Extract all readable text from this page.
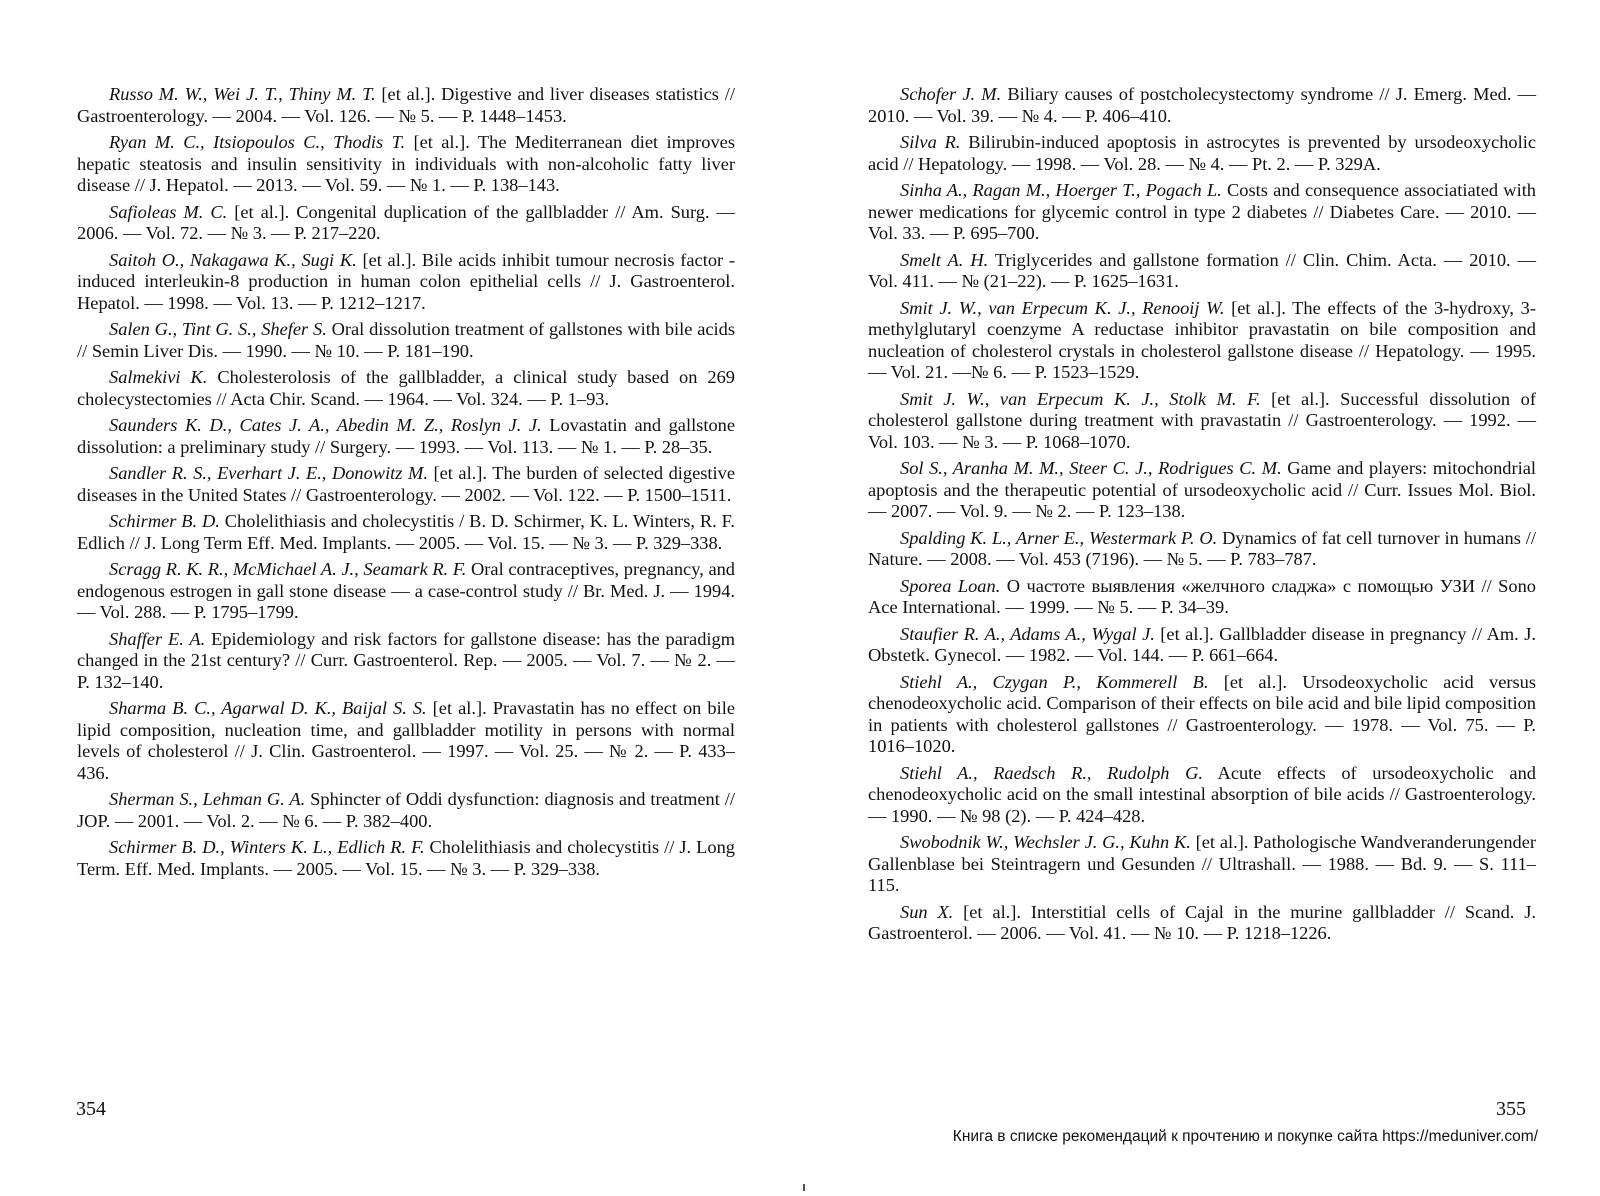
Russo M. W., Wei J. T., Thiny M. T. [et al.]. Digestive and liver diseases statistics // Gastroenterology. — 2004. — Vol. 126. — № 5. — P. 1448–1453.

Ryan M. C., Itsiopoulos C., Thodis T. [et al.]. The Mediterranean diet improves hepatic steatosis and insulin sensitivity in individuals with non-alcoholic fatty liver disease // J. Hepatol. — 2013. — Vol. 59. — № 1. — P. 138–143.

Safioleas M. C. [et al.]. Congenital duplication of the gallbladder // Am. Surg. — 2006. — Vol. 72. — № 3. — P. 217–220.

Saitoh O., Nakagawa K., Sugi K. [et al.]. Bile acids inhibit tumour necrosis factor -induced interleukin-8 production in human colon epithelial cells // J. Gastroenterol. Hepatol. — 1998. — Vol. 13. — P. 1212–1217.

Salen G., Tint G. S., Shefer S. Oral dissolution treatment of gallstones with bile acids // Semin Liver Dis. — 1990. — № 10. — P. 181–190.

Salmekivi K. Cholesterolosis of the gallbladder, a clinical study based on 269 cholecystectomies // Acta Chir. Scand. — 1964. — Vol. 324. — P. 1–93.

Saunders K. D., Cates J. A., Abedin M. Z., Roslyn J. J. Lovastatin and gallstone dissolution: a preliminary study // Surgery. — 1993. — Vol. 113. — № 1. — P. 28–35.

Sandler R. S., Everhart J. E., Donowitz M. [et al.]. The burden of selected digestive diseases in the United States // Gastroenterology. — 2002. — Vol. 122. — P. 1500–1511.

Schirmer B. D. Cholelithiasis and cholecystitis / B. D. Schirmer, K. L. Winters, R. F. Edlich // J. Long Term Eff. Med. Implants. — 2005. — Vol. 15. — № 3. — P. 329–338.

Scragg R. K. R., McMichael A. J., Seamark R. F. Oral contraceptives, pregnancy, and endogenous estrogen in gall stone disease — a case-control study // Br. Med. J. — 1994. — Vol. 288. — P. 1795–1799.

Shaffer E. A. Epidemiology and risk factors for gallstone disease: has the paradigm changed in the 21st century? // Curr. Gastroenterol. Rep. — 2005. — Vol. 7. — № 2. — P. 132–140.

Sharma B. C., Agarwal D. K., Baijal S. S. [et al.]. Pravastatin has no effect on bile lipid composition, nucleation time, and gallbladder motility in persons with normal levels of cholesterol // J. Clin. Gastroenterol. — 1997. — Vol. 25. — № 2. — P. 433–436.

Sherman S., Lehman G. A. Sphincter of Oddi dysfunction: diagnosis and treatment // JOP. — 2001. — Vol. 2. — № 6. — P. 382–400.

Schirmer B. D., Winters K. L., Edlich R. F. Cholelithiasis and cholecystitis // J. Long Term. Eff. Med. Implants. — 2005. — Vol. 15. — № 3. — P. 329–338.

Schofer J. M. Biliary causes of postcholecystectomy syndrome // J. Emerg. Med. — 2010. — Vol. 39. — № 4. — P. 406–410.

Silva R. Bilirubin-induced apoptosis in astrocytes is prevented by ursodeoxycholic acid // Hepatology. — 1998. — Vol. 28. — № 4. — Pt. 2. — P. 329A.

Sinha A., Ragan M., Hoerger T., Pogach L. Costs and consequence associatiated with newer medications for glycemic control in type 2 diabetes // Diabetes Care. — 2010. — Vol. 33. — P. 695–700.

Smelt A. H. Triglycerides and gallstone formation // Clin. Chim. Acta. — 2010. — Vol. 411. — № (21–22). — P. 1625–1631.

Smit J. W., van Erpecum K. J., Renooij W. [et al.]. The effects of the 3-hydroxy, 3-methylglutaryl coenzyme A reductase inhibitor pravastatin on bile composition and nucleation of cholesterol crystals in cholesterol gallstone disease // Hepatology. — 1995. — Vol. 21. —№ 6. — P. 1523–1529.

Smit J. W., van Erpecum K. J., Stolk M. F. [et al.]. Successful dissolution of cholesterol gallstone during treatment with pravastatin // Gastroenterology. — 1992. — Vol. 103. — № 3. — P. 1068–1070.

Sol S., Aranha M. M., Steer C. J., Rodrigues C. M. Game and players: mitochondrial apoptosis and the therapeutic potential of ursodeoxycholic acid // Curr. Issues Mol. Biol. — 2007. — Vol. 9. — № 2. — P. 123–138.

Spalding K. L., Arner E., Westermark P. O. Dynamics of fat cell turnover in humans // Nature. — 2008. — Vol. 453 (7196). — № 5. — P. 783–787.

Sporea Loan. О частоте выявления «желчного сладжа» с помощью УЗИ // Sono Ace International. — 1999. — № 5. — P. 34–39.

Staufier R. A., Adams A., Wygal J. [et al.]. Gallbladder disease in pregnancy // Am. J. Obstetk. Gynecol. — 1982. — Vol. 144. — P. 661–664.

Stiehl A., Czygan P., Kommerell B. [et al.]. Ursodeoxycholic acid versus chenodeoxycholic acid. Comparison of their effects on bile acid and bile lipid composition in patients with cholesterol gallstones // Gastroenterology. — 1978. — Vol. 75. — P. 1016–1020.

Stiehl A., Raedsch R., Rudolph G. Acute effects of ursodeoxycholic and chenodeoxycholic acid on the small intestinal absorption of bile acids // Gastroenterology. — 1990. — № 98 (2). — P. 424–428.

Swobodnik W., Wechsler J. G., Kuhn K. [et al.]. Pathologische Wandveranderungender Gallenblase bei Steintragern und Gesunden // Ultrashall. — 1988. — Bd. 9. — S. 111–115.

Sun X. [et al.]. Interstitial cells of Cajal in the murine gallbladder // Scand. J. Gastroenterol. — 2006. — Vol. 41. — № 10. — P. 1218–1226.

354	355
Книга в списке рекомендаций к прочтению и покупке сайта https://meduniver.com/
